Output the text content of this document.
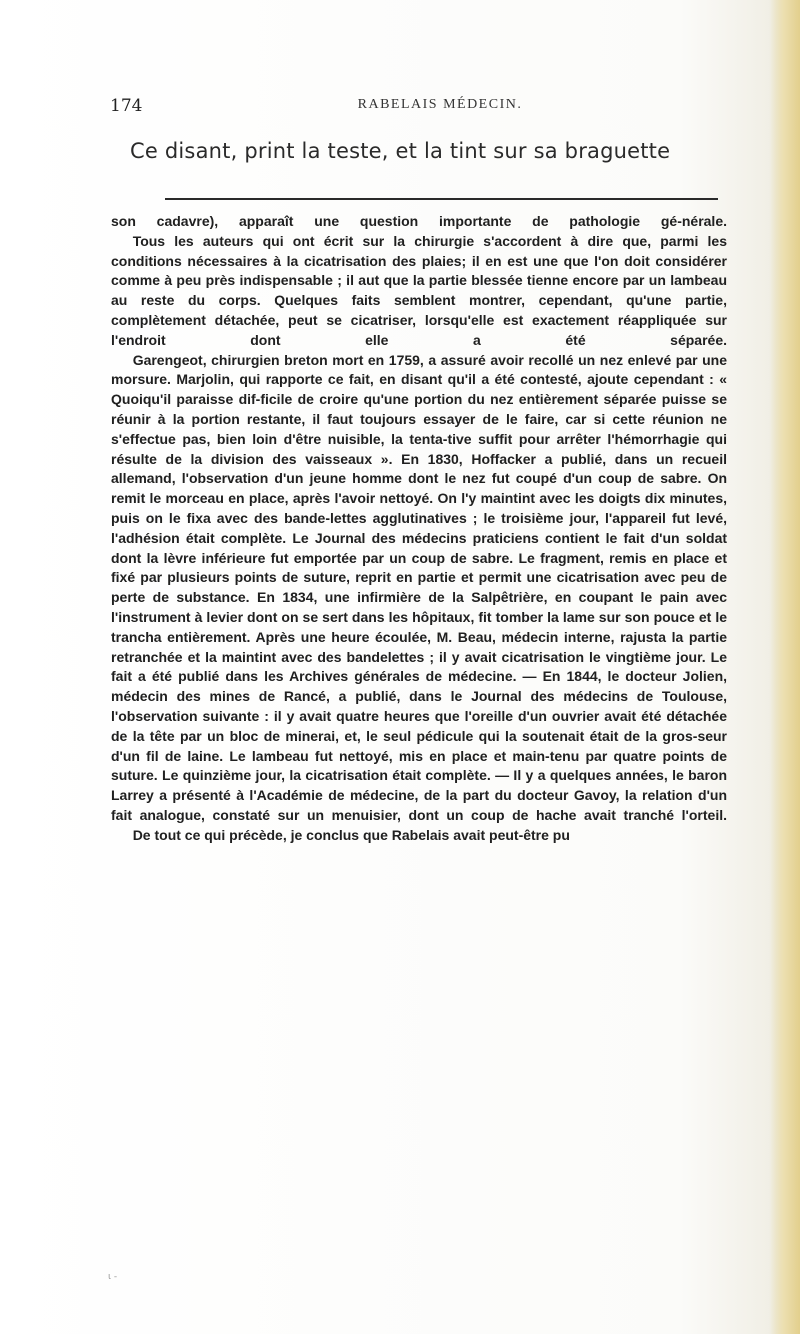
174	RABELAIS MÉDECIN.
Ce disant, print la teste, et la tint sur sa braguette

son cadavre), apparaît une question importante de pathologie gé-nérale.

Tous les auteurs qui ont écrit sur la chirurgie s'accordent à dire que, parmi les conditions nécessaires à la cicatrisation des plaies; il en est une que l'on doit considérer comme à peu près indispensable ; il aut que la partie blessée tienne encore par un lambeau au reste du corps. Quelques faits semblent montrer, cependant, qu'une partie, complètement détachée, peut se cicatriser, lorsqu'elle est exactement réappliquée sur l'endroit dont elle a été séparée.

Garengeot, chirurgien breton mort en 1759, a assuré avoir recollé un nez enlevé par une morsure. Marjolin, qui rapporte ce fait, en disant qu'il a été contesté, ajoute cependant : « Quoiqu'il paraisse dif-ficile de croire qu'une portion du nez entièrement séparée puisse se réunir à la portion restante, il faut toujours essayer de le faire, car si cette réunion ne s'effectue pas, bien loin d'être nuisible, la tenta-tive suffit pour arrêter l'hémorrhagie qui résulte de la division des vaisseaux ». En 1830, Hoffacker a publié, dans un recueil allemand, l'observation d'un jeune homme dont le nez fut coupé d'un coup de sabre. On remit le morceau en place, après l'avoir nettoyé. On l'y maintint avec les doigts dix minutes, puis on le fixa avec des bande-lettes agglutinatives ; le troisième jour, l'appareil fut levé, l'adhésion était complète. Le Journal des médecins praticiens contient le fait d'un soldat dont la lèvre inférieure fut emportée par un coup de sabre. Le fragment, remis en place et fixé par plusieurs points de suture, reprit en partie et permit une cicatrisation avec peu de perte de substance. En 1834, une infirmière de la Salpêtrière, en coupant le pain avec l'instrument à levier dont on se sert dans les hôpitaux, fit tomber la lame sur son pouce et le trancha entièrement. Après une heure écoulée, M. Beau, médecin interne, rajusta la partie retranchée et la maintint avec des bandelettes ; il y avait cicatrisation le vingtième jour. Le fait a été publié dans les Archives générales de médecine. — En 1844, le docteur Jolien, médecin des mines de Rancé, a publié, dans le Journal des médecins de Toulouse, l'observation suivante : il y avait quatre heures que l'oreille d'un ouvrier avait été détachée de la tête par un bloc de minerai, et, le seul pédicule qui la soutenait était de la gros-seur d'un fil de laine. Le lambeau fut nettoyé, mis en place et main-tenu par quatre points de suture. Le quinzième jour, la cicatrisation était complète. — Il y a quelques années, le baron Larrey a présenté à l'Académie de médecine, de la part du docteur Gavoy, la relation d'un fait analogue, constaté sur un menuisier, dont un coup de hache avait tranché l'orteil.

De tout ce qui précède, je conclus que Rabelais avait peut-être pu

ι -
